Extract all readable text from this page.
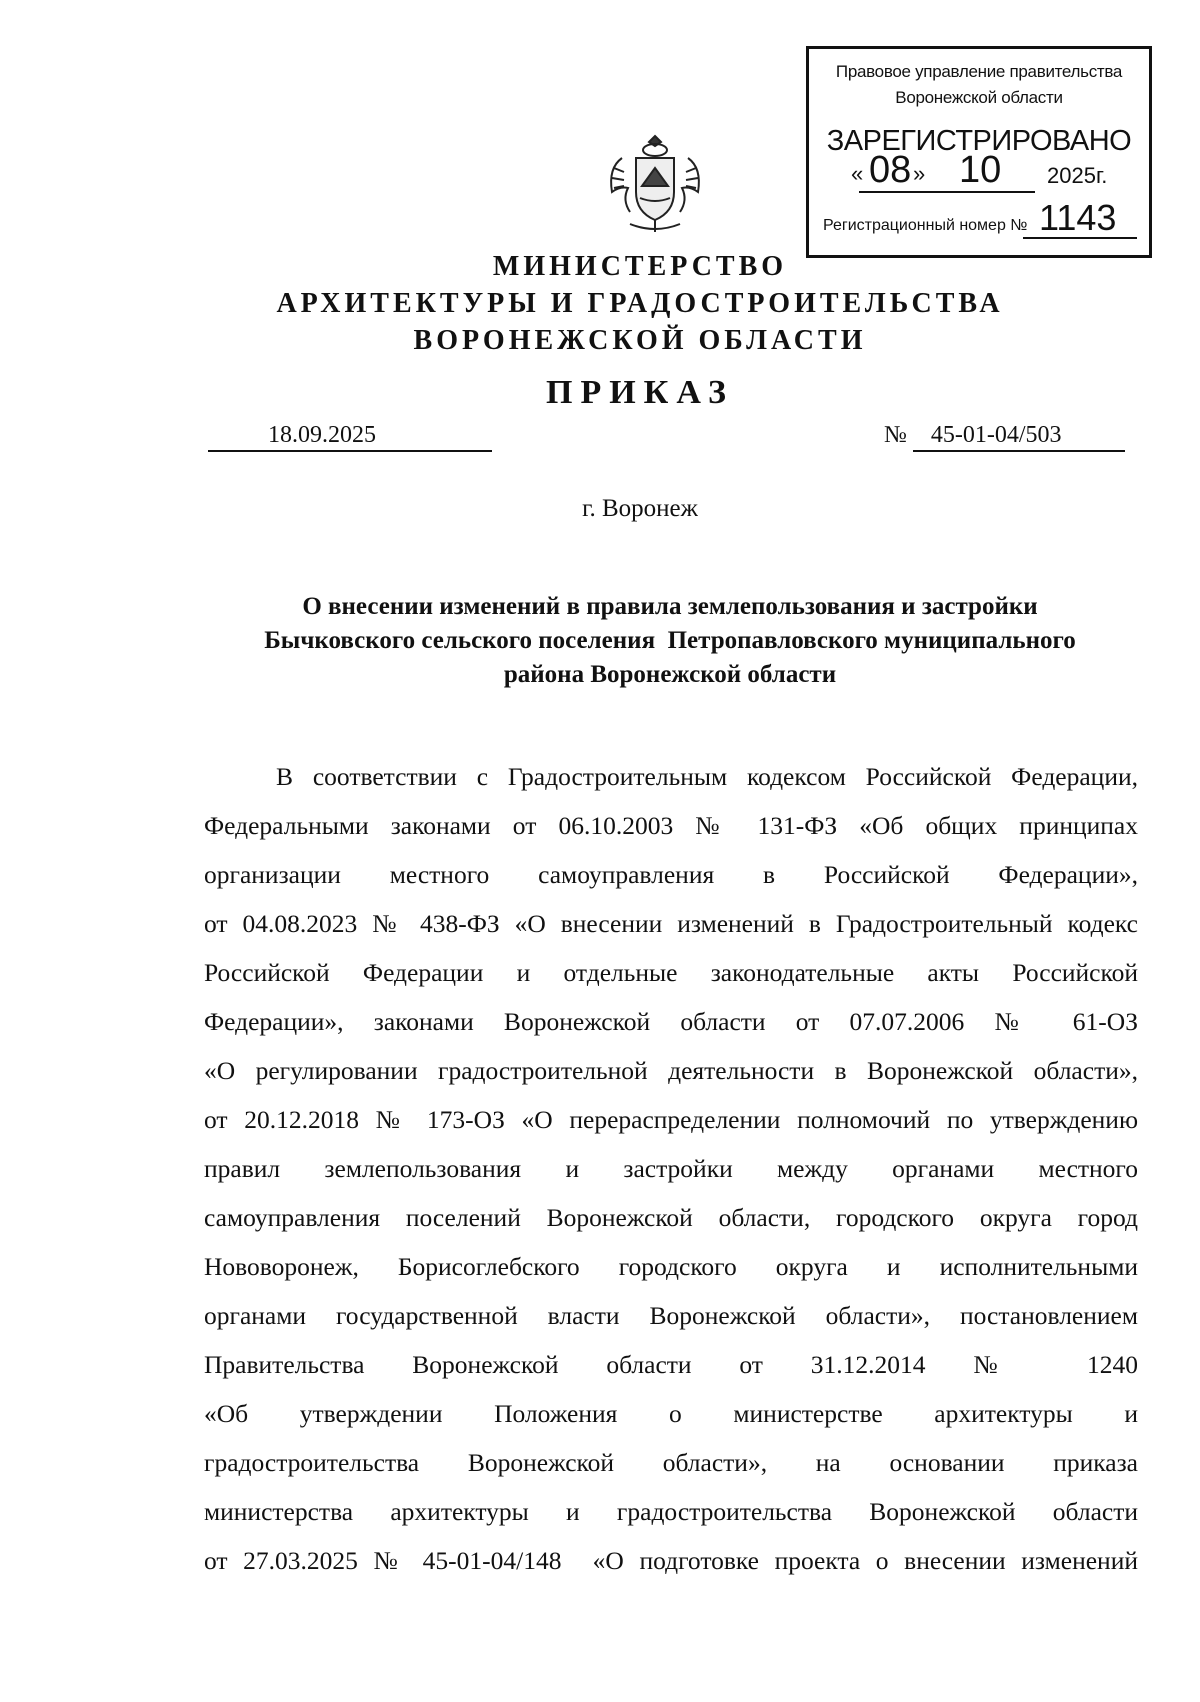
Правовое управление правительства Воронежской области
ЗАРЕГИСТРИРОВАНО
« 08 » 10 2025г.
Регистрационный номер № 1143
МИНИСТЕРСТВО
АРХИТЕКТУРЫ И ГРАДОСТРОИТЕЛЬСТВА
ВОРОНЕЖСКОЙ ОБЛАСТИ
ПРИКАЗ
18.09.2025	№ 45-01-04/503
г. Воронеж
О внесении изменений в правила землепользования и застройки
Бычковского сельского поселения  Петропавловского муниципального
района Воронежской области
В соответствии с Градостроительным кодексом Российской Федерации,
Федеральными законами от 06.10.2003 № 131-ФЗ «Об общих принципах
организации местного самоуправления в Российской Федерации»,
от 04.08.2023 № 438-ФЗ «О внесении изменений в Градостроительный кодекс
Российской Федерации и отдельные законодательные акты Российской
Федерации», законами Воронежской области от 07.07.2006 № 61-ОЗ
«О регулировании градостроительной деятельности в Воронежской области»,
от 20.12.2018 № 173-ОЗ «О перераспределении полномочий по утверждению
правил землепользования и застройки между органами местного
самоуправления поселений Воронежской области, городского округа город
Нововоронеж, Борисоглебского городского округа и исполнительными
органами государственной власти Воронежской области», постановлением
Правительства Воронежской области от 31.12.2014 № 1240
«Об утверждении Положения о министерстве архитектуры и
градостроительства Воронежской области», на основании приказа
министерства архитектуры и градостроительства Воронежской области
от 27.03.2025 № 45-01-04/148  «О подготовке проекта о внесении изменений
